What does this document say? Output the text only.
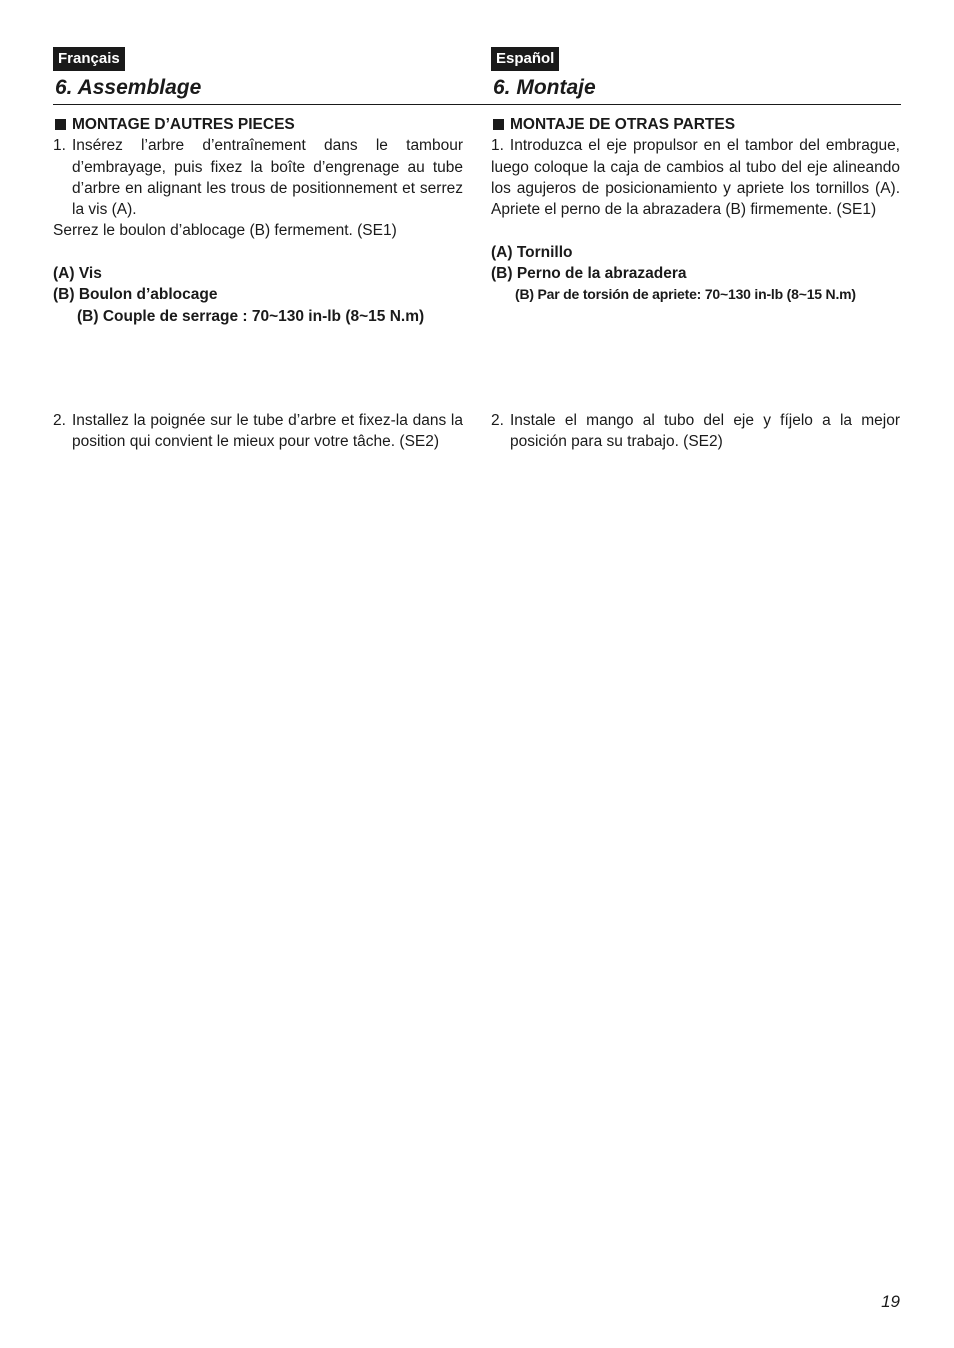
Français
6. Assemblage
Español
6. Montaje
MONTAGE D’AUTRES PIECES
1. Insérez l’arbre d’entraînement dans le tambour d’embrayage, puis fixez la boîte d’engrenage au tube d’arbre en alignant les trous de positionnement et serrez la vis (A).
Serrez le boulon d’ablocage (B) fermement. (SE1)
(A) Vis
(B) Boulon d’ablocage
(B) Couple de serrage : 70~130 in-lb (8~15 N.m)
MONTAJE DE OTRAS PARTES
1. Introduzca el eje propulsor en el tambor del embrague, luego coloque la caja de cambios al tubo del eje alineando los agujeros de posicionamiento y apriete los tornillos (A). Apriete el perno de la abrazadera (B) firmemente. (SE1)
(A) Tornillo
(B) Perno de la abrazadera
(B) Par de torsión de apriete: 70~130 in-lb (8~15 N.m)
2. Installez la poignée sur le tube d’arbre et fixez-la dans la position qui convient le mieux pour votre tâche. (SE2)
2. Instale el mango al tubo del eje y fíjelo a la mejor posición para su trabajo. (SE2)
19
